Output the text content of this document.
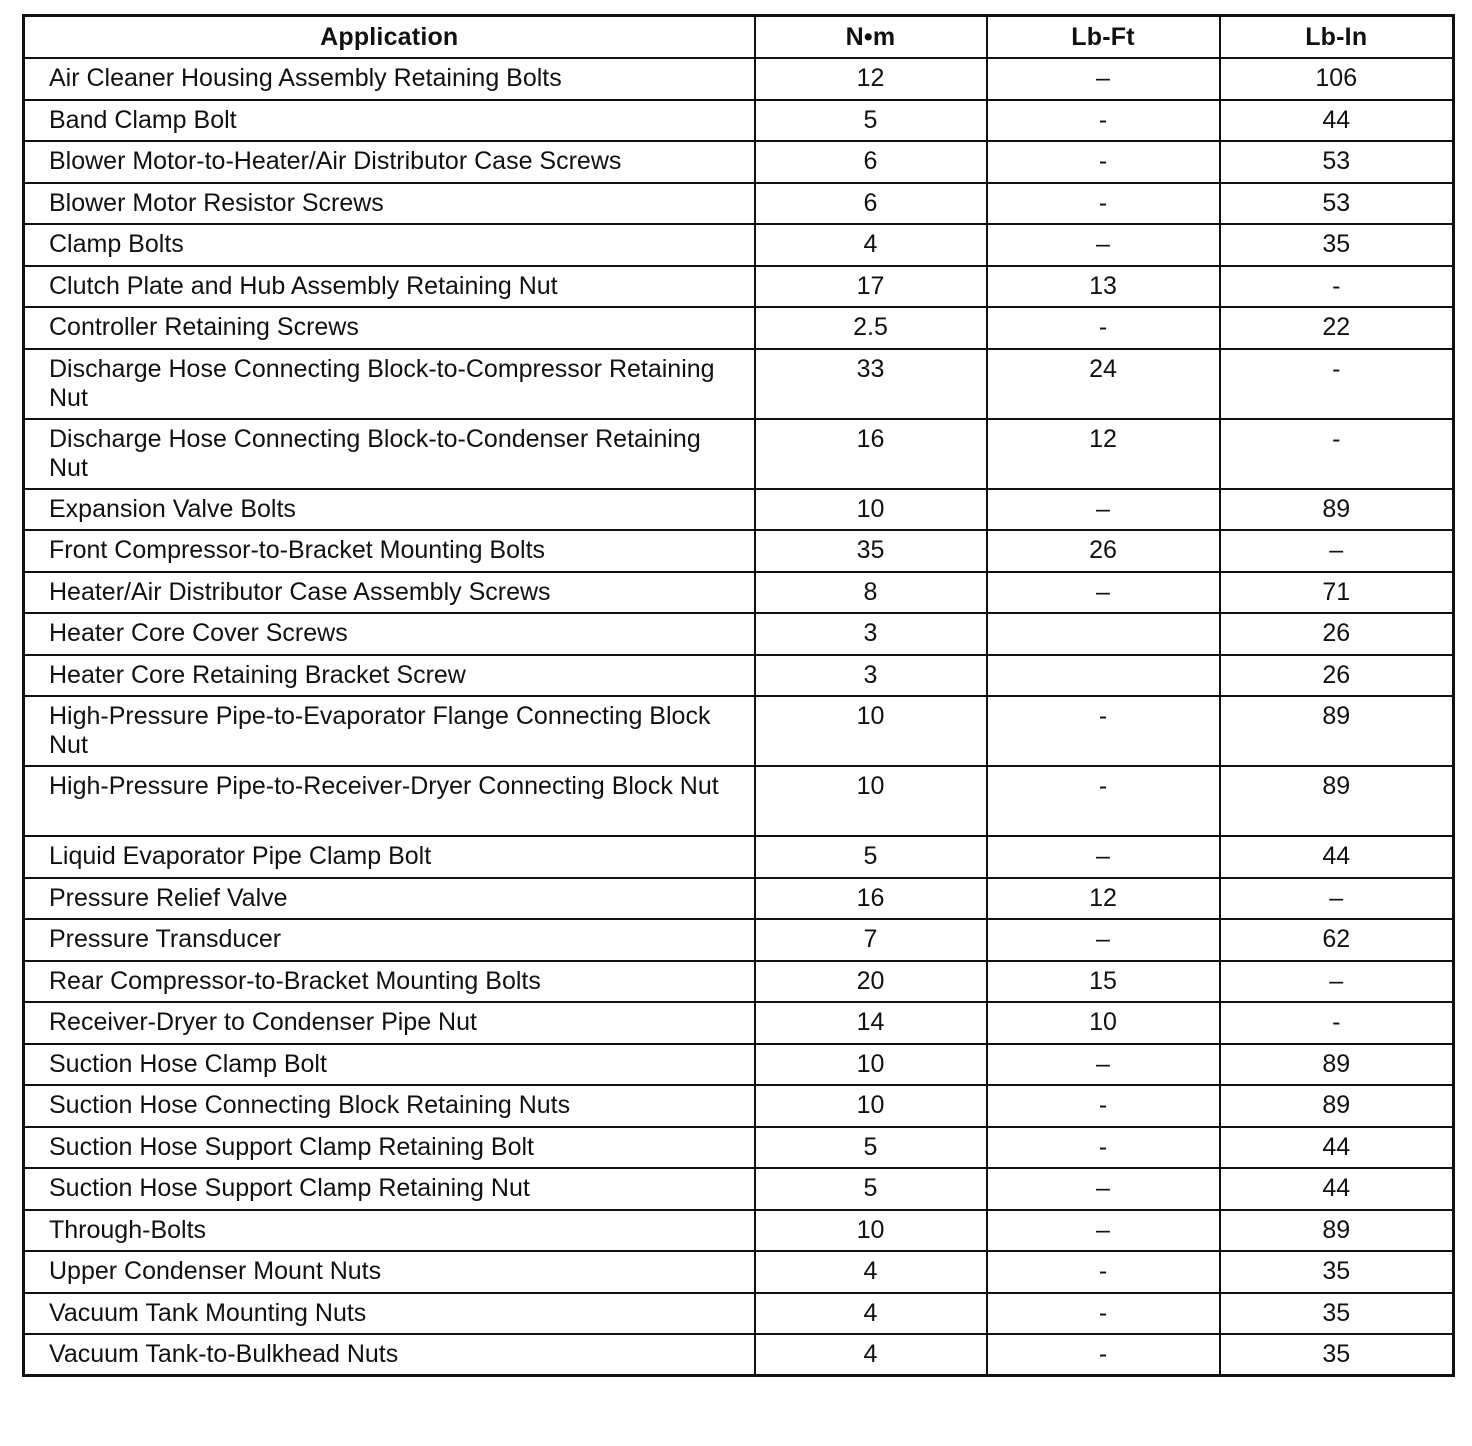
Application	N•m	Lb-Ft	Lb-In
Air Cleaner Housing Assembly Retaining Bolts	12	–	106
Band Clamp Bolt	5	-	44
Blower Motor-to-Heater/Air Distributor Case Screws	6	-	53
Blower Motor Resistor Screws	6	-	53
Clamp Bolts	4	–	35
Clutch Plate and Hub Assembly Retaining Nut	17	13	-
Controller Retaining Screws	2.5	-	22
Discharge Hose Connecting Block-to-Compressor Retaining Nut	33	24	-
Discharge Hose Connecting Block-to-Condenser Retaining Nut	16	12	-
Expansion Valve Bolts	10	–	89
Front Compressor-to-Bracket Mounting Bolts	35	26	–
Heater/Air Distributor Case Assembly Screws	8	–	71
Heater Core Cover Screws	3		26
Heater Core Retaining Bracket Screw	3		26
High-Pressure Pipe-to-Evaporator Flange Connecting Block Nut	10	-	89
High-Pressure Pipe-to-Receiver-Dryer Connecting Block Nut	10	-	89
Liquid Evaporator Pipe Clamp Bolt	5	–	44
Pressure Relief Valve	16	12	–
Pressure Transducer	7	–	62
Rear Compressor-to-Bracket Mounting Bolts	20	15	–
Receiver-Dryer to Condenser Pipe Nut	14	10	-
Suction Hose Clamp Bolt	10	–	89
Suction Hose Connecting Block Retaining Nuts	10	-	89
Suction Hose Support Clamp Retaining Bolt	5	-	44
Suction Hose Support Clamp Retaining Nut	5	–	44
Through-Bolts	10	–	89
Upper Condenser Mount Nuts	4	-	35
Vacuum Tank Mounting Nuts	4	-	35
Vacuum Tank-to-Bulkhead Nuts	4	-	35
